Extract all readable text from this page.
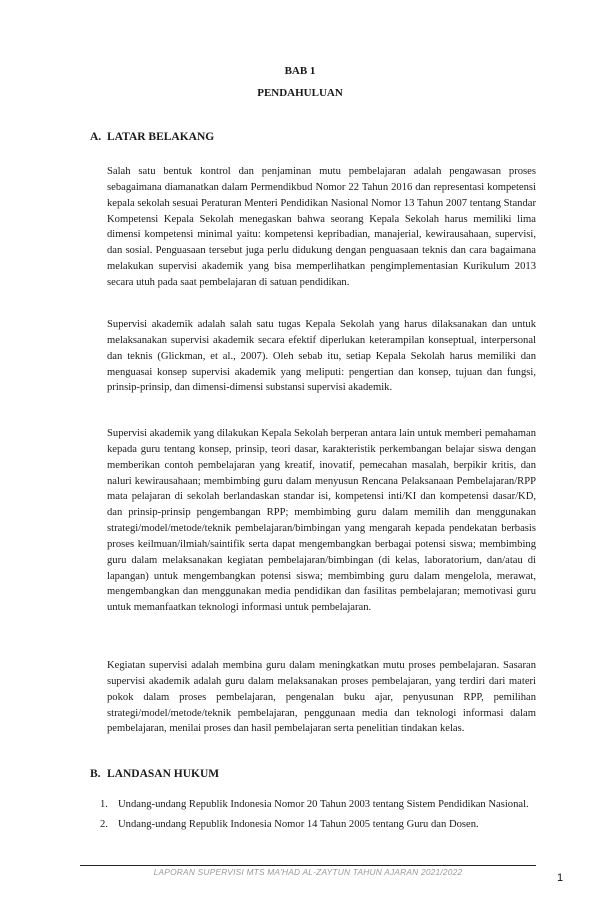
BAB 1
PENDAHULUAN
A. LATAR BELAKANG

Salah satu bentuk kontrol dan penjaminan mutu pembelajaran adalah pengawasan proses sebagaimana diamanatkan dalam Permendikbud Nomor 22 Tahun 2016 dan representasi kompetensi kepala sekolah sesuai Peraturan Menteri Pendidikan Nasional Nomor 13 Tahun 2007 tentang Standar Kompetensi Kepala Sekolah menegaskan bahwa seorang Kepala Sekolah harus memiliki lima dimensi kompetensi minimal yaitu: kompetensi kepribadian, manajerial, kewirausahaan, supervisi, dan sosial. Penguasaan tersebut juga perlu didukung dengan penguasaan teknis dan cara bagaimana melakukan supervisi akademik yang bisa memperlihatkan pengimplementasian Kurikulum 2013 secara utuh pada saat pembelajaran di satuan pendidikan.

Supervisi akademik adalah salah satu tugas Kepala Sekolah yang harus dilaksanakan dan untuk melaksanakan supervisi akademik secara efektif diperlukan keterampilan konseptual, interpersonal dan teknis (Glickman, et al., 2007). Oleh sebab itu, setiap Kepala Sekolah harus memiliki dan menguasai konsep supervisi akademik yang meliputi: pengertian dan konsep, tujuan dan fungsi, prinsip-prinsip, dan dimensi-dimensi substansi supervisi akademik.

Supervisi akademik yang dilakukan Kepala Sekolah berperan antara lain untuk memberi pemahaman kepada guru tentang konsep, prinsip, teori dasar, karakteristik perkembangan belajar siswa dengan memberikan contoh pembelajaran yang kreatif, inovatif, pemecahan masalah, berpikir kritis, dan naluri kewirausahaan; membimbing guru dalam menyusun Rencana Pelaksanaan Pembelajaran/RPP mata pelajaran di sekolah berlandaskan standar isi, kompetensi inti/KI dan kompetensi dasar/KD, dan prinsip-prinsip pengembangan RPP; membimbing guru dalam memilih dan menggunakan strategi/model/metode/teknik pembelajaran/bimbingan yang mengarah kepada pendekatan berbasis proses keilmuan/ilmiah/saintifik serta dapat mengembangkan berbagai potensi siswa; membimbing guru dalam melaksanakan kegiatan pembelajaran/bimbingan (di kelas, laboratorium, dan/atau di lapangan) untuk mengembangkan potensi siswa; membimbing guru dalam mengelola, merawat, mengembangkan dan menggunakan media pendidikan dan fasilitas pembelajaran; memotivasi guru untuk memanfaatkan teknologi informasi untuk pembelajaran.

Kegiatan supervisi adalah membina guru dalam meningkatkan mutu proses pembelajaran. Sasaran supervisi akademik adalah guru dalam melaksanakan proses pembelajaran, yang terdiri dari materi pokok dalam proses pembelajaran, pengenalan buku ajar, penyusunan RPP, pemilihan strategi/model/metode/teknik pembelajaran, penggunaan media dan teknologi informasi dalam pembelajaran, menilai proses dan hasil pembelajaran serta penelitian tindakan kelas.

B. LANDASAN HUKUM
1. Undang-undang Republik Indonesia Nomor 20 Tahun 2003 tentang Sistem Pendidikan Nasional.
2. Undang-undang Republik Indonesia Nomor 14 Tahun 2005 tentang Guru dan Dosen.
LAPORAN SUPERVISI MTS MA'HAD AL-ZAYTUN TAHUN AJARAN 2021/2022	1
